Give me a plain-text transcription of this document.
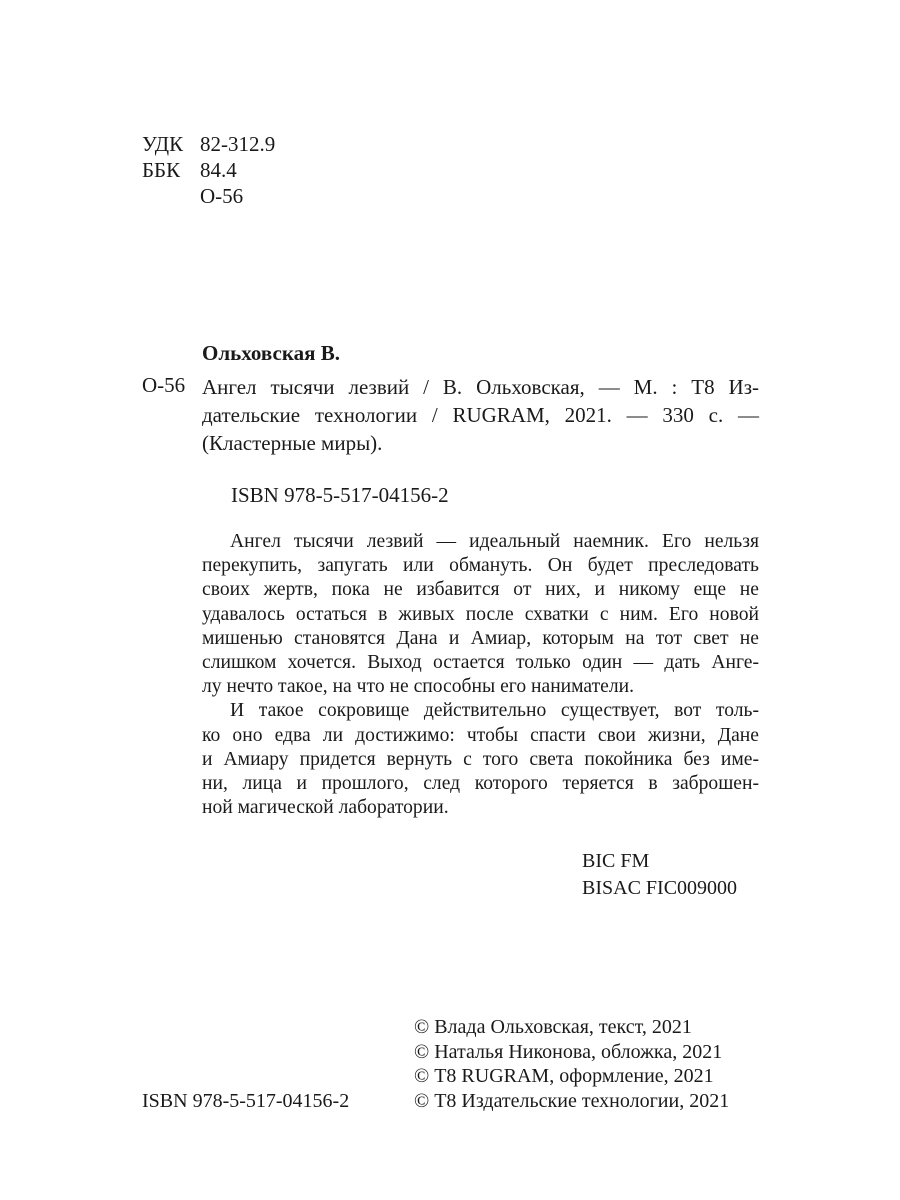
УДК 82-312.9
ББК 84.4
О-56
Ольховская В.
О-56 Ангел тысячи лезвий / В. Ольховская, — М. : Т8 Из-
дательские технологии / RUGRAM, 2021. — 330 с. —
(Кластерные миры).
ISBN 978-5-517-04156-2
Ангел тысячи лезвий — идеальный наемник. Его нельзя
перекупить, запугать или обмануть. Он будет преследовать
своих жертв, пока не избавится от них, и никому еще не
удавалось остаться в живых после схватки с ним. Его новой
мишенью становятся Дана и Амиар, которым на тот свет не
слишком хочется. Выход остается только один — дать Анге-
лу нечто такое, на что не способны его наниматели.
И такое сокровище действительно существует, вот толь-
ко оно едва ли достижимо: чтобы спасти свои жизни, Дане
и Амиару придется вернуть с того света покойника без име-
ни, лица и прошлого, след которого теряется в заброшен-
ной магической лаборатории.
BIC FM
BISAC FIC009000
© Влада Ольховская, текст, 2021
© Наталья Никонова, обложка, 2021
© Т8 RUGRAM, оформление, 2021
© Т8 Издательские технологии, 2021
ISBN 978-5-517-04156-2
